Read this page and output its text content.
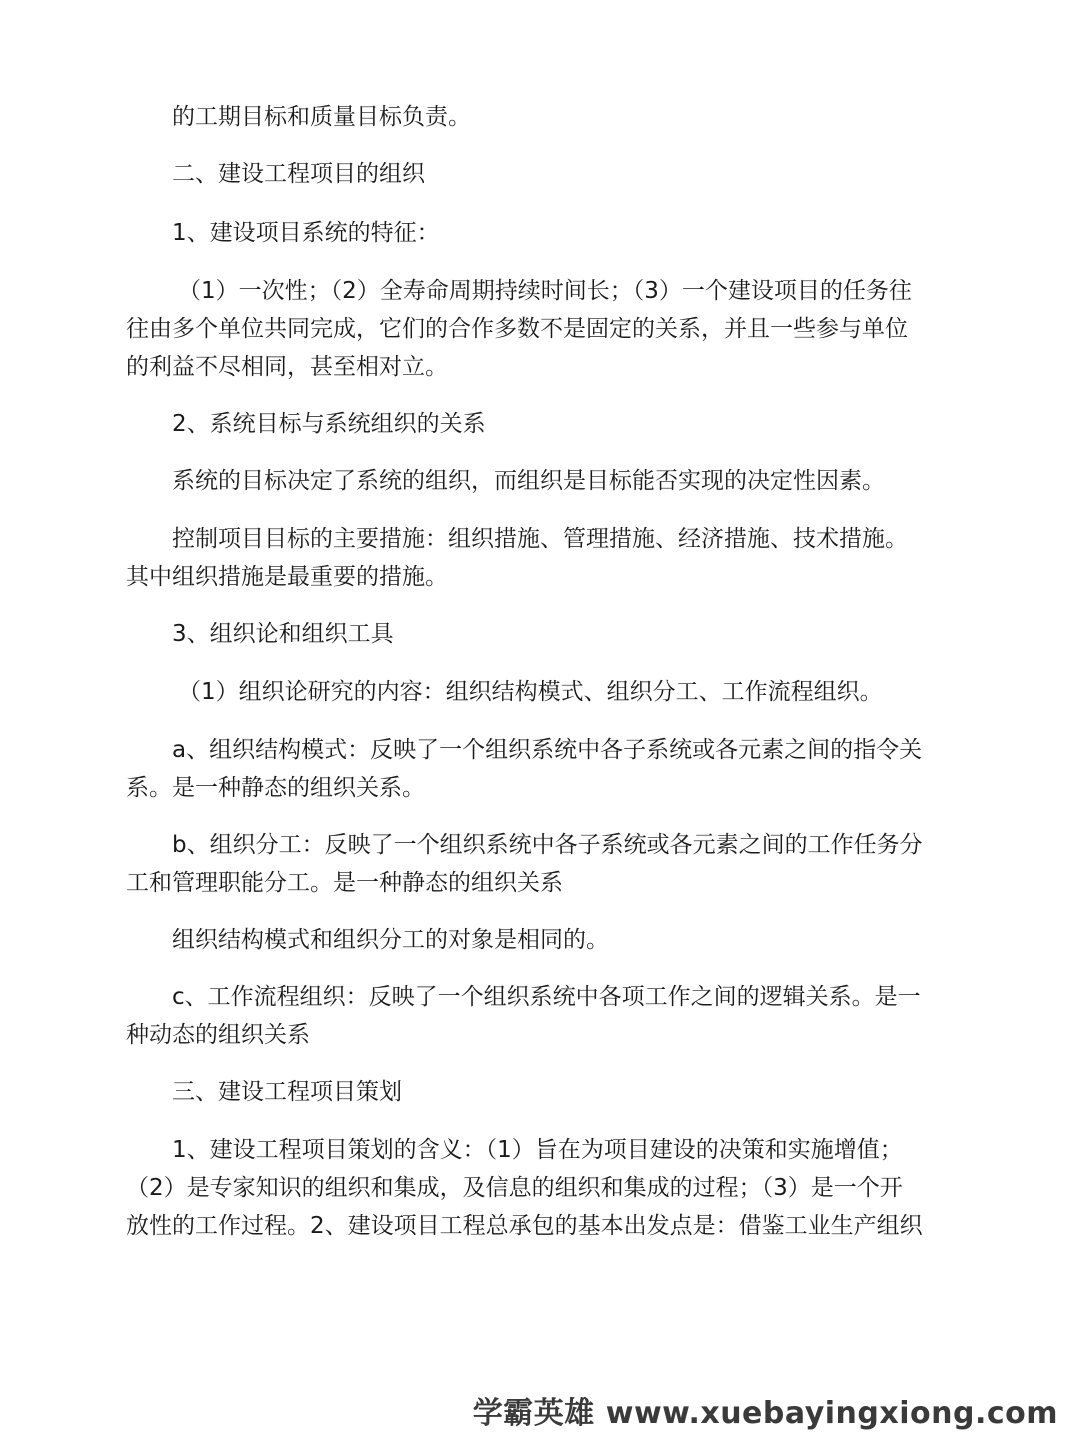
的工期目标和质量目标负责。
二、建设工程项目的组织
1、建设项目系统的特征：
（1）一次性；（2）全寿命周期持续时间长；（3）一个建设项目的任务往
往由多个单位共同完成，它们的合作多数不是固定的关系，并且一些参与单位
的利益不尽相同，甚至相对立。
2、系统目标与系统组织的关系
系统的目标决定了系统的组织，而组织是目标能否实现的决定性因素。
控制项目目标的主要措施：组织措施、管理措施、经济措施、技术措施。
其中组织措施是最重要的措施。
3、组织论和组织工具
（1）组织论研究的内容：组织结构模式、组织分工、工作流程组织。
a、组织结构模式：反映了一个组织系统中各子系统或各元素之间的指令关
系。是一种静态的组织关系。
b、组织分工：反映了一个组织系统中各子系统或各元素之间的工作任务分
工和管理职能分工。是一种静态的组织关系
组织结构模式和组织分工的对象是相同的。
c、工作流程组织：反映了一个组织系统中各项工作之间的逻辑关系。是一
种动态的组织关系
三、建设工程项目策划
1、建设工程项目策划的含义：（1）旨在为项目建设的决策和实施增值；
（2）是专家知识的组织和集成，及信息的组织和集成的过程；（3）是一个开
放性的工作过程。2、建设项目工程总承包的基本出发点是：借鉴工业生产组织
学霸英雄 www.xuebayingxiong.com
